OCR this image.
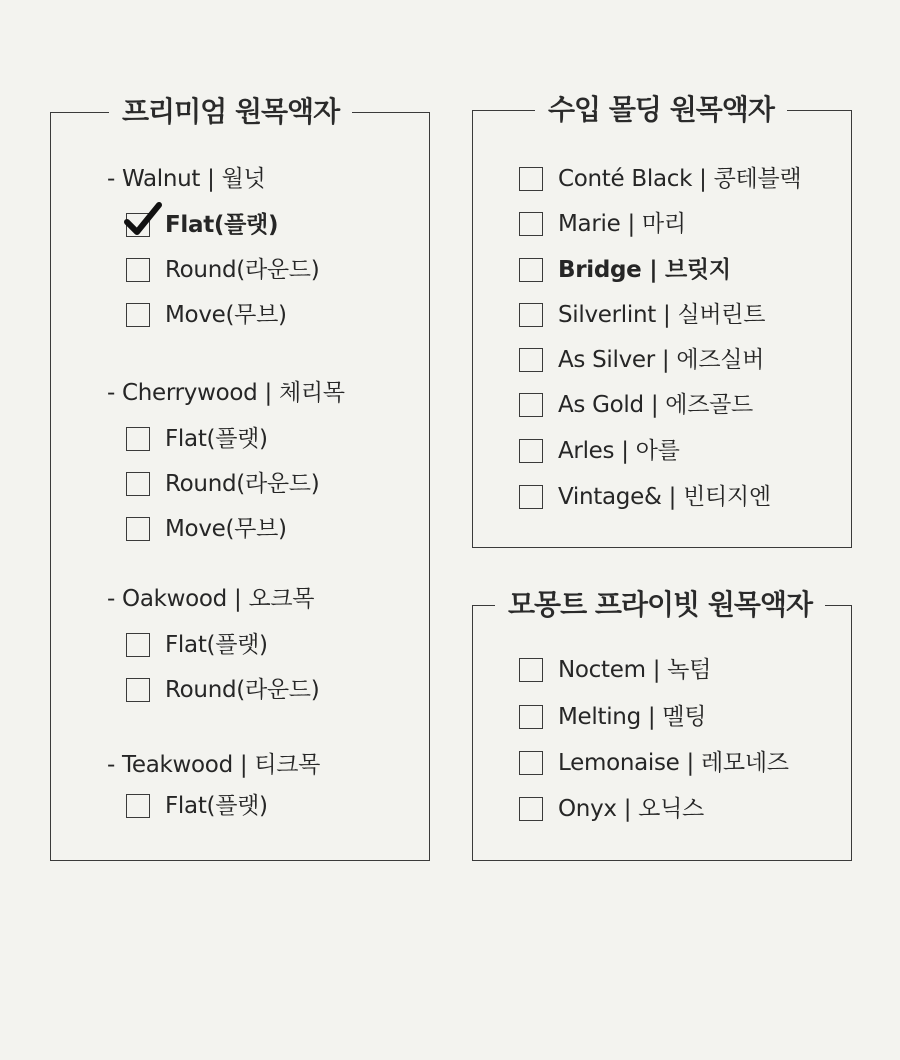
프리미엄 원목액자
- Walnut | 월넛
Flat(플랫)
Round(라운드)
Move(무브)
- Cherrywood | 체리목
Flat(플랫)
Round(라운드)
Move(무브)
- Oakwood | 오크목
Flat(플랫)
Round(라운드)
- Teakwood | 티크목
Flat(플랫)
수입 몰딩 원목액자
Conté Black | 콩테블랙
Marie | 마리
Bridge | 브릿지
Silverlint | 실버린트
As Silver | 에즈실버
As Gold | 에즈골드
Arles | 아를
Vintage& | 빈티지엔
모몽트 프라이빗 원목액자
Noctem | 녹텀
Melting | 멜팅
Lemonaise | 레모네즈
Onyx | 오닉스
